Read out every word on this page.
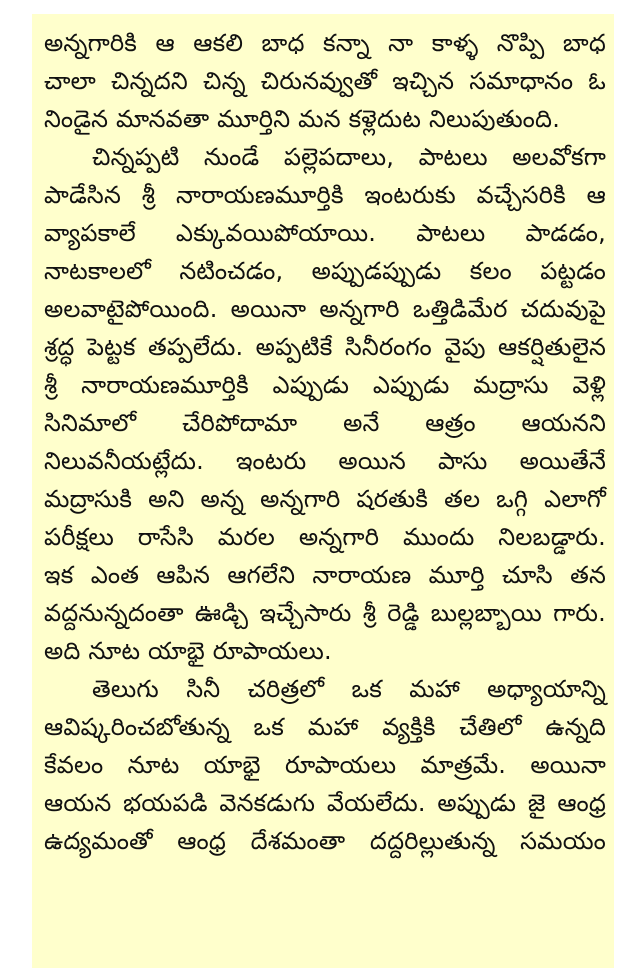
అన్నగారికి ఆ ఆకలి బాధ కన్నా నా కాళ్ళ నొప్పి బాధ
చాలా చిన్నదని చిన్న చిరునవ్వుతో ఇచ్చిన సమాధానం ఓ
నిండైన మానవతా మూర్తిని మన కళ్లెదుట నిలుపుతుంది.
చిన్నప్పటి నుండే పల్లెపదాలు, పాటలు అలవోకగా
పాడేసిన శ్రీ నారాయణమూర్తికి ఇంటరుకు వచ్చేసరికి ఆ
వ్యాపకాలే ఎక్కువయిపోయాయి. పాటలు పాడడం,
నాటకాలలో నటించడం, అప్పుడప్పుడు కలం పట్టడం
అలవాటైపోయింది. అయినా అన్నగారి ఒత్తిడిమేర చదువుపై
శ్రద్ధ పెట్టక తప్పలేదు. అప్పటికే సినీరంగం వైపు ఆకర్షితులైన
శ్రీ నారాయణమూర్తికి ఎప్పుడు ఎప్పుడు మద్రాసు వెళ్లి
సినిమాలో చేరిపోదామా అనే ఆత్రం ఆయనని
నిలువనీయట్లేదు. ఇంటరు అయిన పాసు అయితేనే
మద్రాసుకి అని అన్న అన్నగారి షరతుకి తల ఒగ్గి ఎలాగో
పరీక్షలు రాసేసి మరల అన్నగారి ముందు నిలబడ్డారు.
ఇక ఎంత ఆపిన ఆగలేని నారాయణ మూర్తి చూసి తన
వద్దనున్నదంతా ఊడ్చి ఇచ్చేసారు శ్రీ రెడ్డి బుల్లబ్బాయి గారు.
అది నూట యాభై రూపాయలు.
తెలుగు సినీ చరిత్రలో ఒక మహా అధ్యాయాన్ని
ఆవిష్కరించబోతున్న ఒక మహా వ్యక్తికి చేతిలో ఉన్నది
కేవలం నూట యాభై రూపాయలు మాత్రమే. అయినా
ఆయన భయపడి వెనకడుగు వేయలేదు. అప్పుడు జై ఆంధ్ర
ఉద్యమంతో ఆంధ్ర దేశమంతా దద్దరిల్లుతున్న సమయం
